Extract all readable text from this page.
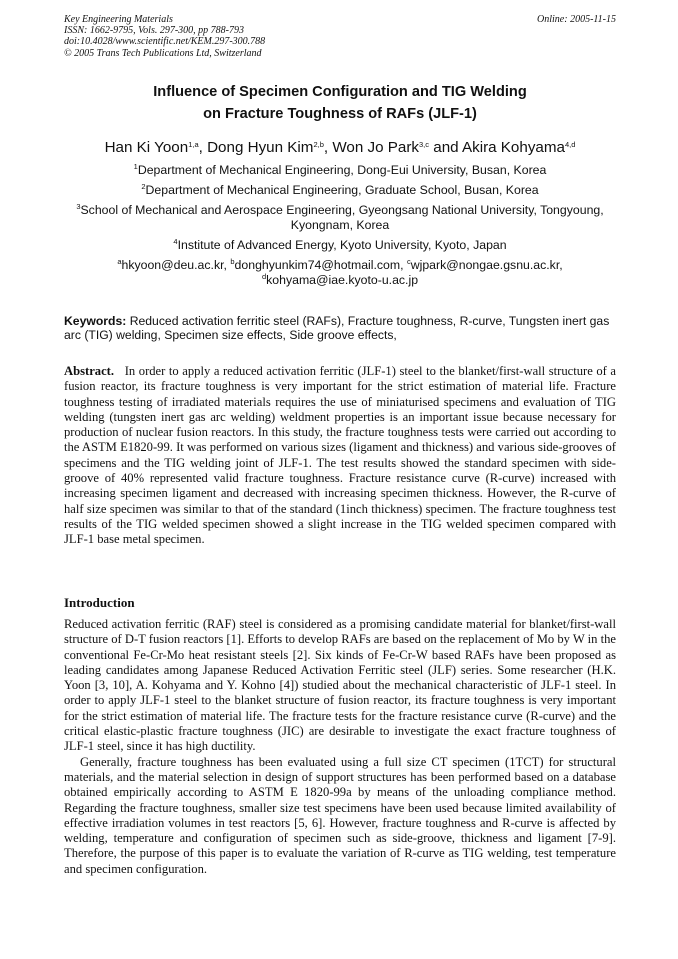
Key Engineering Materials
ISSN: 1662-9795, Vols. 297-300, pp 788-793
doi:10.4028/www.scientific.net/KEM.297-300.788
© 2005 Trans Tech Publications Ltd, Switzerland
Online: 2005-11-15
Influence of Specimen Configuration and TIG Welding
on Fracture Toughness of RAFs (JLF-1)
Han Ki Yoon$^{1,a}$, Dong Hyun Kim$^{2,b}$, Won Jo Park$^{3,c}$ and Akira Kohyama$^{4,d}$
$^1$Department of Mechanical Engineering, Dong-Eui University, Busan, Korea
$^2$Department of Mechanical Engineering, Graduate School, Busan, Korea
$^3$School of Mechanical and Aerospace Engineering, Gyeongsang National University, Tongyoung, Kyongnam, Korea
$^4$Institute of Advanced Energy, Kyoto University, Kyoto, Japan
$^a$hkyoon@deu.ac.kr, $^b$donghyunkim74@hotmail.com, $^c$wjpark@nongae.gsnu.ac.kr,
$^d$kohyama@iae.kyoto-u.ac.jp
Keywords: Reduced activation ferritic steel (RAFs), Fracture toughness, R-curve, Tungsten inert gas arc (TIG) welding, Specimen size effects, Side groove effects,
Abstract. In order to apply a reduced activation ferritic (JLF-1) steel to the blanket/first-wall structure of a fusion reactor, its fracture toughness is very important for the strict estimation of material life. Fracture toughness testing of irradiated materials requires the use of miniaturised specimens and evaluation of TIG welding (tungsten inert gas arc welding) weldment properties is an important issue because necessary for production of nuclear fusion reactors. In this study, the fracture toughness tests were carried out according to the ASTM E1820-99. It was performed on various sizes (ligament and thickness) and various side-grooves of specimens and the TIG welding joint of JLF-1. The test results showed the standard specimen with side-groove of 40% represented valid fracture toughness. Fracture resistance curve (R-curve) increased with increasing specimen ligament and decreased with increasing specimen thickness. However, the R-curve of half size specimen was similar to that of the standard (1inch thickness) specimen. The fracture toughness test results of the TIG welded specimen showed a slight increase in the TIG welded specimen compared with JLF-1 base metal specimen.
Introduction

Reduced activation ferritic (RAF) steel is considered as a promising candidate material for blanket/first-wall structure of D-T fusion reactors [1]. Efforts to develop RAFs are based on the replacement of Mo by W in the conventional Fe-Cr-Mo heat resistant steels [2]. Six kinds of Fe-Cr-W based RAFs have been proposed as leading candidates among Japanese Reduced Activation Ferritic steel (JLF) series. Some researcher (H.K. Yoon [3, 10], A. Kohyama and Y. Kohno [4]) studied about the mechanical characteristic of JLF-1 steel. In order to apply JLF-1 steel to the blanket structure of fusion reactor, its fracture toughness is very important for the strict estimation of material life. The fracture tests for the fracture resistance curve (R-curve) and the critical elastic-plastic fracture toughness (JIC) are desirable to investigate the exact fracture toughness of JLF-1 steel, since it has high ductility.

Generally, fracture toughness has been evaluated using a full size CT specimen (1TCT) for structural materials, and the material selection in design of support structures has been performed based on a database obtained empirically according to ASTM E 1820-99a by means of the unloading compliance method. Regarding the fracture toughness, smaller size test specimens have been used because limited availability of effective irradiation volumes in test reactors [5, 6]. However, fracture toughness and R-curve is affected by welding, temperature and configuration of specimen such as side-groove, thickness and ligament [7-9]. Therefore, the purpose of this paper is to evaluate the variation of R-curve as TIG welding, test temperature and specimen configuration.
